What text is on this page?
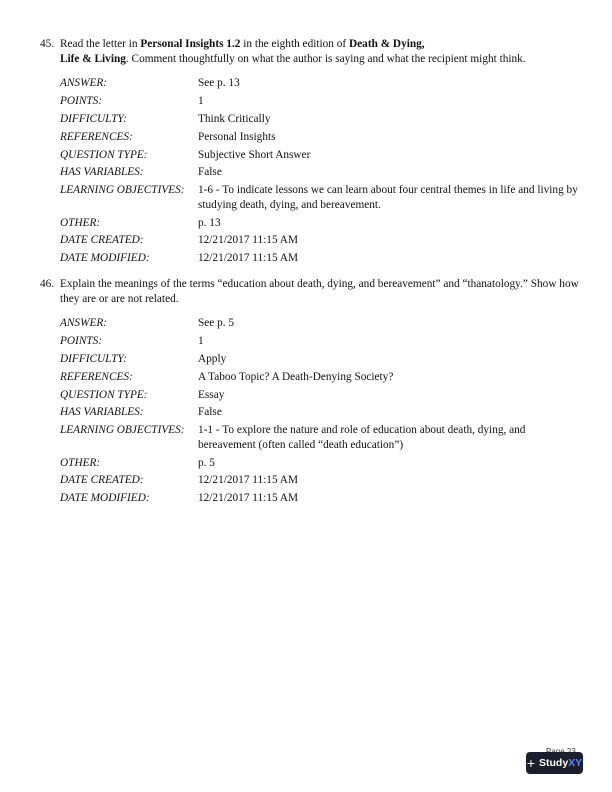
45. Read the letter in Personal Insights 1.2 in the eighth edition of Death & Dying,
Life & Living. Comment thoughtfully on what the author is saying and what the recipient might think.
ANSWER:	See p. 13
POINTS:	1
DIFFICULTY:	Think Critically
REFERENCES:	Personal Insights
QUESTION TYPE:	Subjective Short Answer
HAS VARIABLES:	False
LEARNING OBJECTIVES:	1-6 - To indicate lessons we can learn about four central themes in life and living by studying death, dying, and bereavement.
OTHER:	p. 13
DATE CREATED:	12/21/2017 11:15 AM
DATE MODIFIED:	12/21/2017 11:15 AM
46. Explain the meanings of the terms “education about death, dying, and bereavement” and “thanatology.” Show how they are or are not related.
ANSWER:	See p. 5
POINTS:	1
DIFFICULTY:	Apply
REFERENCES:	A Taboo Topic? A Death-Denying Society?
QUESTION TYPE:	Essay
HAS VARIABLES:	False
LEARNING OBJECTIVES:	1-1 - To explore the nature and role of education about death, dying, and bereavement (often called “death education”)
OTHER:	p. 5
DATE CREATED:	12/21/2017 11:15 AM
DATE MODIFIED:	12/21/2017 11:15 AM
+ StudyXY
